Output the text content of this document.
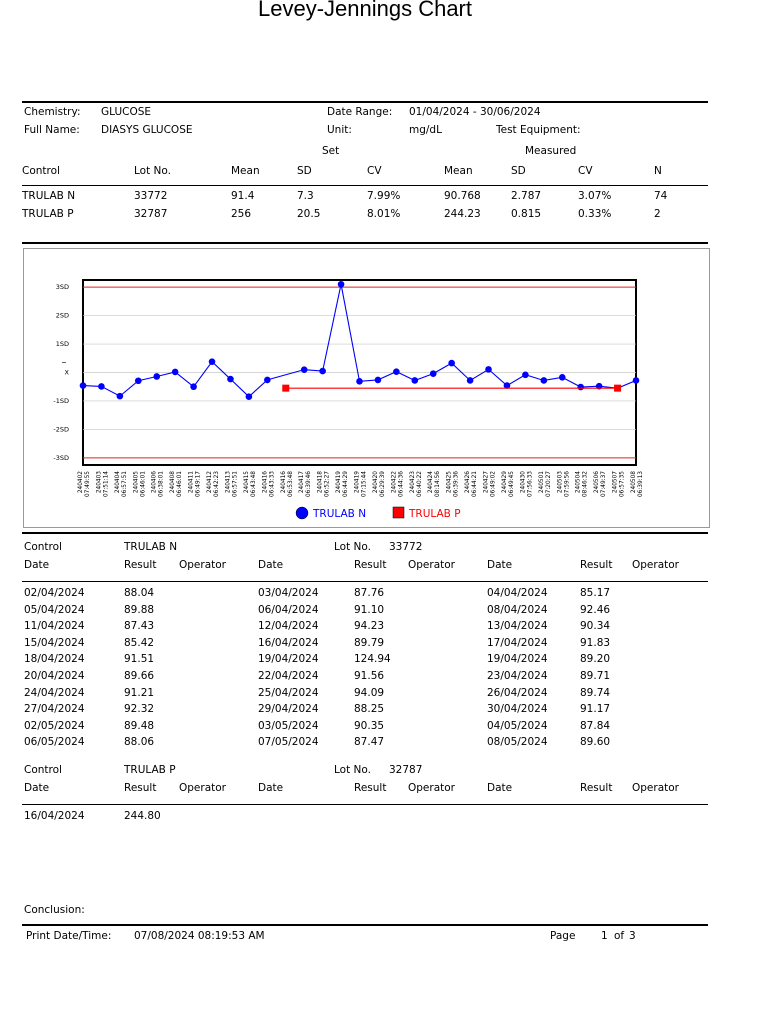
Levey-Jennings Chart
Chemistry: GLUCOSE
Full Name: DIASYS GLUCOSE
Date Range: 01/04/2024 - 30/06/2024
Unit:	mg/dL	Test Equipment:
Set	Measured
Control	Lot No.	Mean	SD	CV	Mean	SD	CV	N
TRULAB N	33772	91.4	7.3	7.99%	90.768	2.787	3.07%	74
TRULAB P	32787	256	20.5	8.01%	244.23	0.815	0.33%	2
3SD
2SD
1SD
X
-1SD
-2SD
-3SD
240402 07:49:55 240403 07:51:14 240404 06:57:51 240405 06:46:01 240406 06:38:01 240408 06:46:01 240411 06:49:17 240412 06:42:23 240413 06:57:51 240415 06:43:48 240416 06:43:33 240416 06:53:48 240417 06:39:46 240418 06:52:27 240419 06:44:29 240419 07:15:44 240420 06:29:39 240422 06:44:36 240423 06:40:22 240424 08:14:56 240425 06:39:36 240426 06:44:21 240427 06:49:02 240429 06:49:45 240430 07:56:33 240501 07:20:27 240503 07:59:56 240504 08:46:32 240506 07:49:37 240507 06:57:35 240508 06:39:13
TRULAB N	TRULAB P
Control	TRULAB N	Lot No. 33772
Date	Result Operator	Date	Result Operator	Date	Result Operator
02/04/2024	88.04	03/04/2024	87.76	04/04/2024	85.17
05/04/2024	89.88	06/04/2024	91.10	08/04/2024	92.46
11/04/2024	87.43	12/04/2024	94.23	13/04/2024	90.34
15/04/2024	85.42	16/04/2024	89.79	17/04/2024	91.83
18/04/2024	91.51	19/04/2024	124.94	19/04/2024	89.20
20/04/2024	89.66	22/04/2024	91.56	23/04/2024	89.71
24/04/2024	91.21	25/04/2024	94.09	26/04/2024	89.74
27/04/2024	92.32	29/04/2024	88.25	30/04/2024	91.17
02/05/2024	89.48	03/05/2024	90.35	04/05/2024	87.84
06/05/2024	88.06	07/05/2024	87.47	08/05/2024	89.60
Control	TRULAB P	Lot No. 32787
Date	Result Operator	Date	Result Operator	Date	Result Operator
16/04/2024	244.80
Conclusion:
Print Date/Time: 07/08/2024 08:19:53 AM	Page 1 of 3
